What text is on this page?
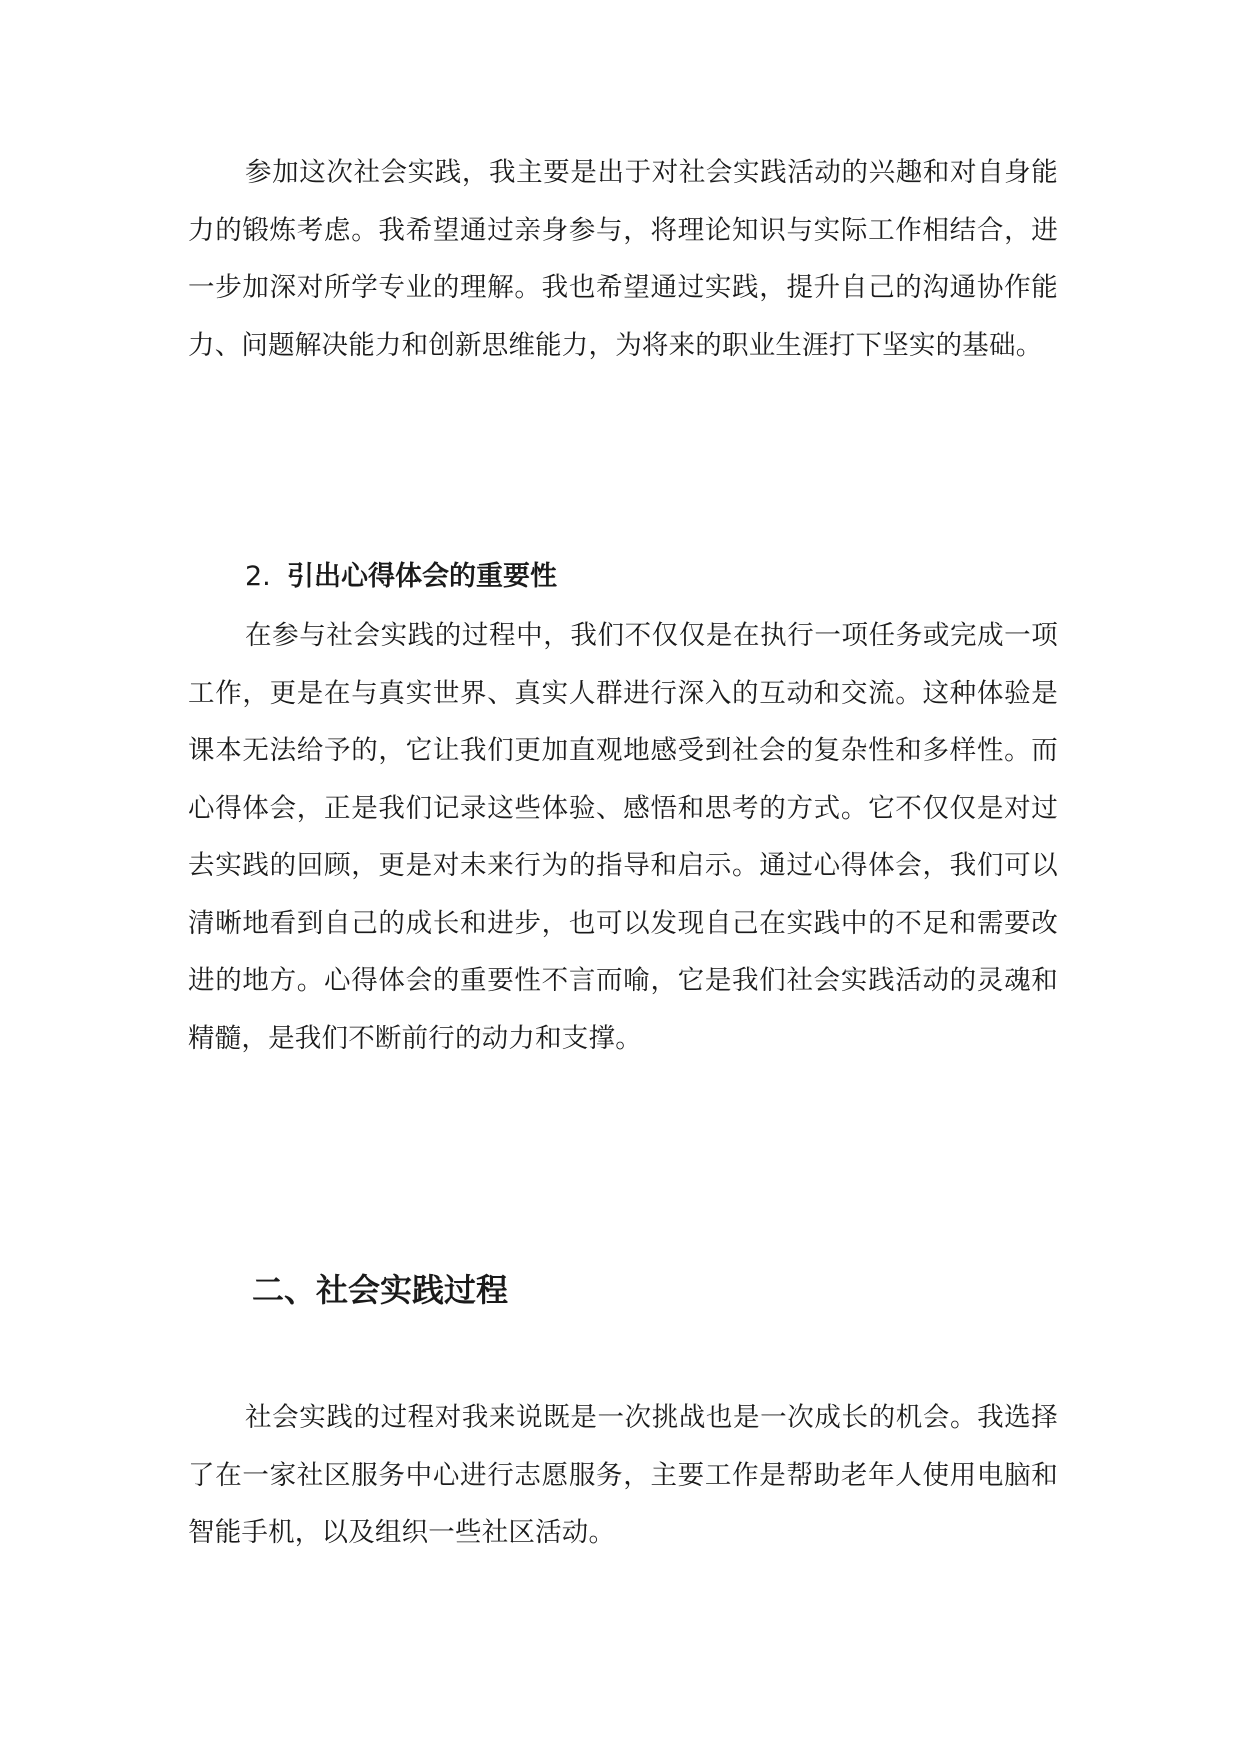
参加这次社会实践，我主要是出于对社会实践活动的兴趣和对自身能力的锻炼考虑。我希望通过亲身参与，将理论知识与实际工作相结合，进一步加深对所学专业的理解。我也希望通过实践，提升自己的沟通协作能力、问题解决能力和创新思维能力，为将来的职业生涯打下坚实的基础。

2. 引出心得体会的重要性

在参与社会实践的过程中，我们不仅仅是在执行一项任务或完成一项工作，更是在与真实世界、真实人群进行深入的互动和交流。这种体验是课本无法给予的，它让我们更加直观地感受到社会的复杂性和多样性。而心得体会，正是我们记录这些体验、感悟和思考的方式。它不仅仅是对过去实践的回顾，更是对未来行为的指导和启示。通过心得体会，我们可以清晰地看到自己的成长和进步，也可以发现自己在实践中的不足和需要改进的地方。心得体会的重要性不言而喻，它是我们社会实践活动的灵魂和精髓，是我们不断前行的动力和支撑。

二、社会实践过程

社会实践的过程对我来说既是一次挑战也是一次成长的机会。我选择了在一家社区服务中心进行志愿服务，主要工作是帮助老年人使用电脑和智能手机，以及组织一些社区活动。
